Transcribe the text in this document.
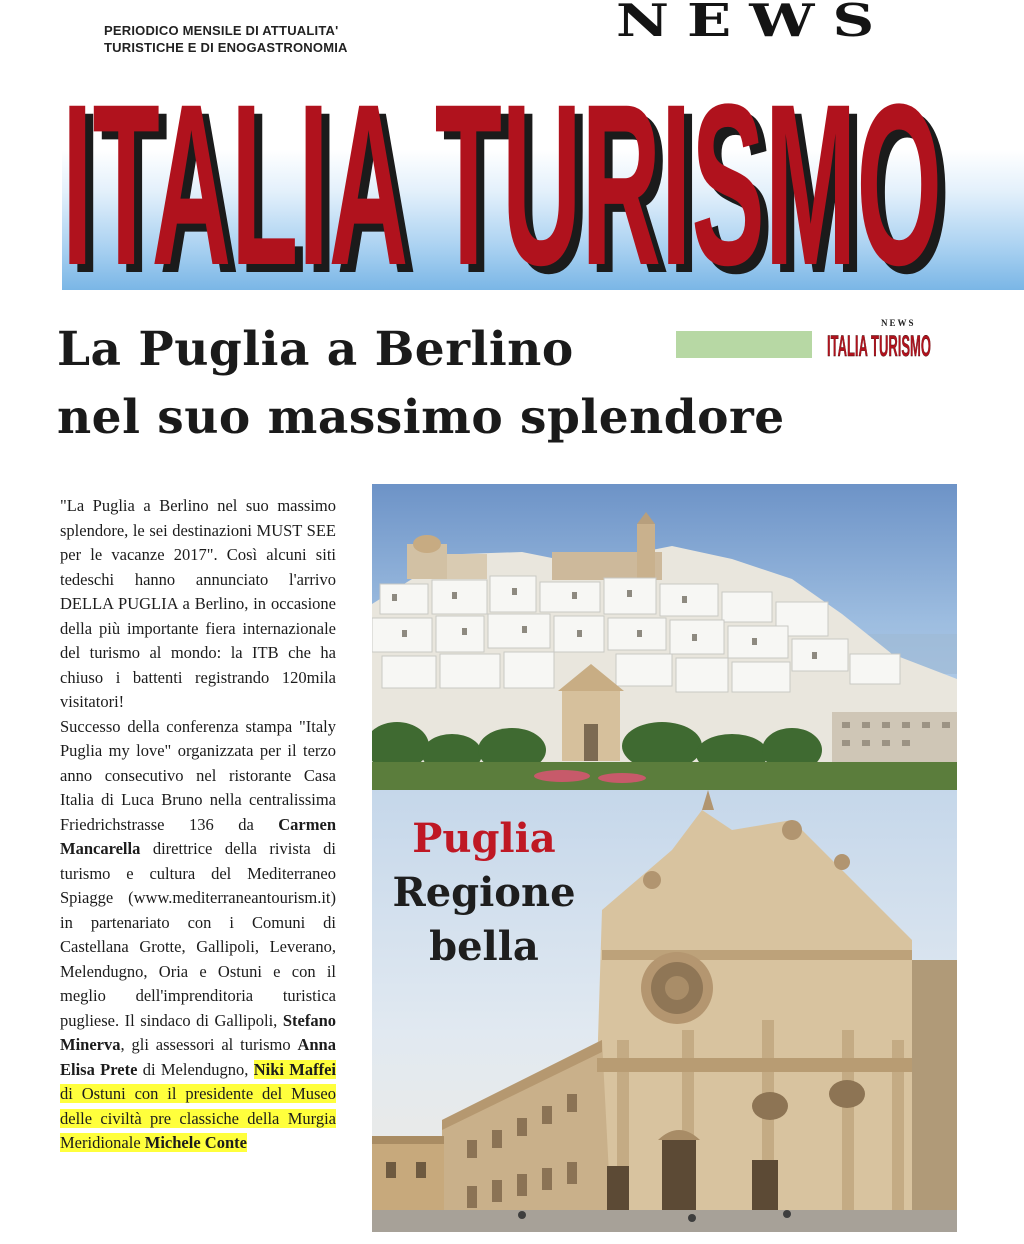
ITALIA TURISMO
ITALIA TURISMO
PERIODICO MENSILE DI ATTUALITA'
TURISTICHE E DI ENOGASTRONOMIA
NEWS
La Puglia a Berlino
nel suo massimo splendore
NEWS
ITALIA TURISMO

"La Puglia a Berlino nel suo massimo splendore, le sei destinazioni MUST SEE per le vacanze 2017". Così alcuni siti tedeschi hanno annunciato l'arrivo DELLA PUGLIA a Berlino, in occasione della più importante fiera internazionale del turismo al mondo: la ITB che ha chiuso i battenti registrando 120mila visitatori!

Successo della conferenza stampa "Italy Puglia my love" organizzata per il terzo anno consecutivo nel ristorante Casa Italia di Luca Bruno nella centralissima Friedrichstrasse 136 da Carmen Mancarella direttrice della rivista di turismo e cultura del Mediterraneo Spiagge (www.mediterraneantourism.it) in partenariato con i Comuni di Castellana Grotte, Gallipoli, Leverano, Melendugno, Oria e Ostuni e con il meglio dell'imprenditoria turistica pugliese. Il sindaco di Gallipoli, Stefano Minerva, gli assessori al turismo Anna Elisa Prete di Melendugno, Niki Maffei di Ostuni con il presidente del Museo delle civiltà pre classiche della Murgia Meridionale Michele Conte

Puglia
Regione
bella
